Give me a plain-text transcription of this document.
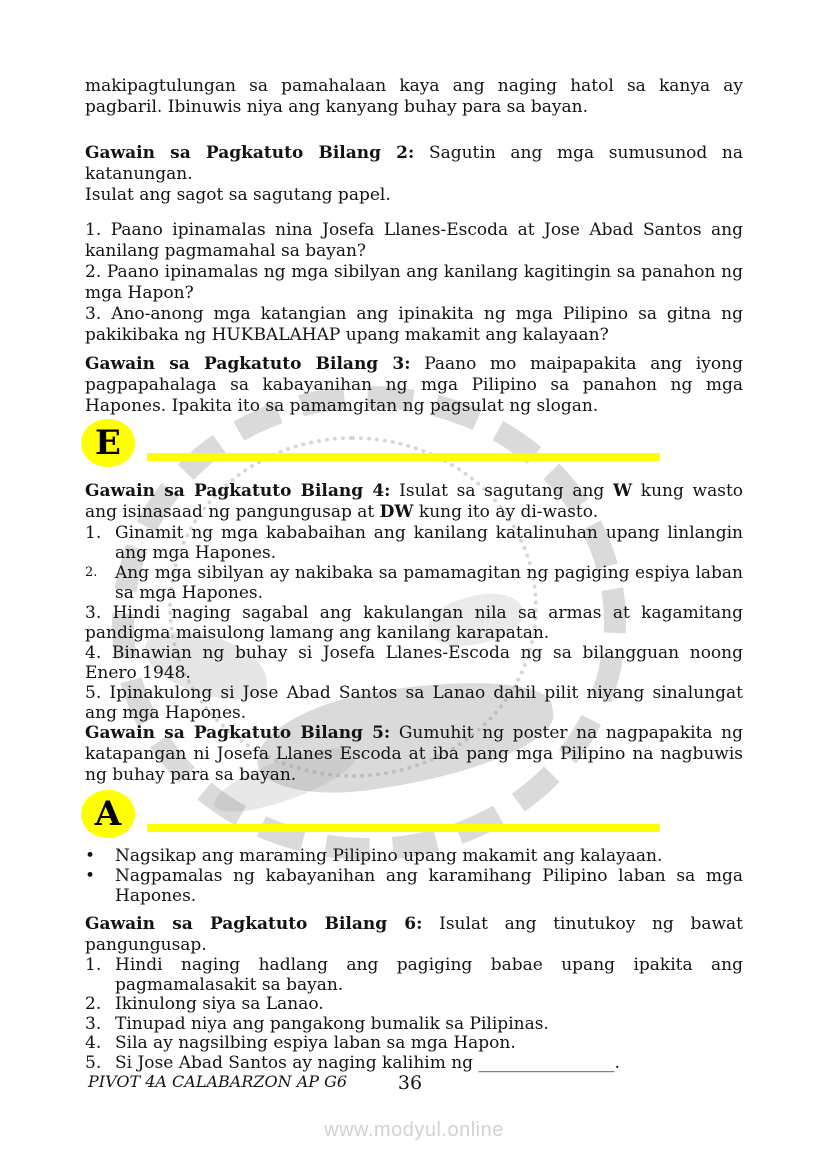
makipagtulungan sa pamahalaan kaya ang naging hatol sa kanya ay pagbaril. Ibinuwis niya ang kanyang buhay para sa bayan.

Gawain sa Pagkatuto Bilang 2: Sagutin ang mga sumusunod na katanungan.

Isulat ang sagot sa sagutang papel.

1. Paano ipinamalas nina Josefa Llanes-Escoda at Jose Abad Santos ang kanilang pagmamahal sa bayan?

2. Paano ipinamalas ng mga sibilyan ang kanilang kagitingin sa panahon ng mga Hapon?

3. Ano-anong mga katangian ang ipinakita ng mga Pilipino sa gitna ng pakikibaka ng HUKBALAHAP upang makamit ang kalayaan?

Gawain sa Pagkatuto Bilang 3: Paano mo maipapakita ang iyong pagpapahalaga sa kabayanihan ng mga Pilipino sa panahon ng mga Hapones. Ipakita ito sa pamamgitan ng pagsulat ng slogan.

E

Gawain sa Pagkatuto Bilang 4: Isulat sa sagutang ang W kung wasto ang isinasaad ng pangungusap at DW kung ito ay di-wasto.

1. Ginamit ng mga kababaihan ang kanilang katalinuhan upang linlangin ang mga Hapones.
2. Ang mga sibilyan ay nakibaka sa pamamagitan ng pagiging espiya laban sa mga Hapones.

3. Hindi naging sagabal ang kakulangan nila sa armas at kagamitang pandigma maisulong lamang ang kanilang karapatan.

4. Binawian ng buhay si Josefa Llanes-Escoda ng sa bilangguan noong Enero 1948.

5. Ipinakulong si Jose Abad Santos sa Lanao dahil pilit niyang sinalungat ang mga Hapones.

Gawain sa Pagkatuto Bilang 5: Gumuhit ng poster na nagpapakita ng katapangan ni Josefa Llanes Escoda at iba pang mga Pilipino na nagbuwis ng buhay para sa bayan.

A
• Nagsikap ang maraming Pilipino upang makamit ang kalayaan.
• Nagpamalas ng kabayanihan ang karamihang Pilipino laban sa mga Hapones.

Gawain sa Pagkatuto Bilang 6: Isulat ang tinutukoy ng bawat pangungusap.

1. Hindi naging hadlang ang pagiging babae upang ipakita ang pagmamalasakit sa bayan.
2. Ikinulong siya sa Lanao.
3. Tinupad niya ang pangakong bumalik sa Pilipinas.
4. Sila ay nagsilbing espiya laban sa mga Hapon.
5. Si Jose Abad Santos ay naging kalihim ng ________________.
PIVOT 4A CALABARZON AP G6	36
www.modyul.online
